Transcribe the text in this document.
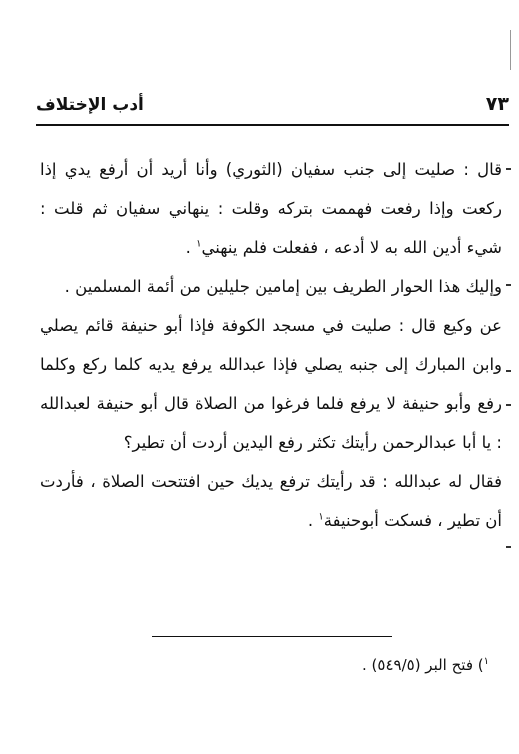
أدب الإختلاف	٧٣

قال : صليت إلى جنب سفيان (الثوري) وأنا أريد أن أرفع يدي إذا ركعت وإذا رفعت فهممت بتركه وقلت : ينهاني سفيان ثم قلت : شيء أدين الله به لا أدعه ، ففعلت فلم ينهني$^١$ .

وإليك هذا الحوار الطريف بين إمامين جليلين من أئمة المسلمين .

عن وكيع قال : صليت في مسجد الكوفة فإذا أبو حنيفة قائم يصلي وابن المبارك إلى جنبه يصلي فإذا عبدالله يرفع يديه كلما ركع وكلما رفع وأبو حنيفة لا يرفع فلما فرغوا من الصلاة قال أبو حنيفة لعبدالله : يا أبا عبدالرحمن رأيتك تكثر رفع اليدين أردت أن تطير؟

فقال له عبدالله : قد رأيتك ترفع يديك حين افتتحت الصلاة ، فأردت أن تطير ، فسكت أبوحنيفة$^١$ .

$^١$) فتح البر (٥٤٩/٥) .
